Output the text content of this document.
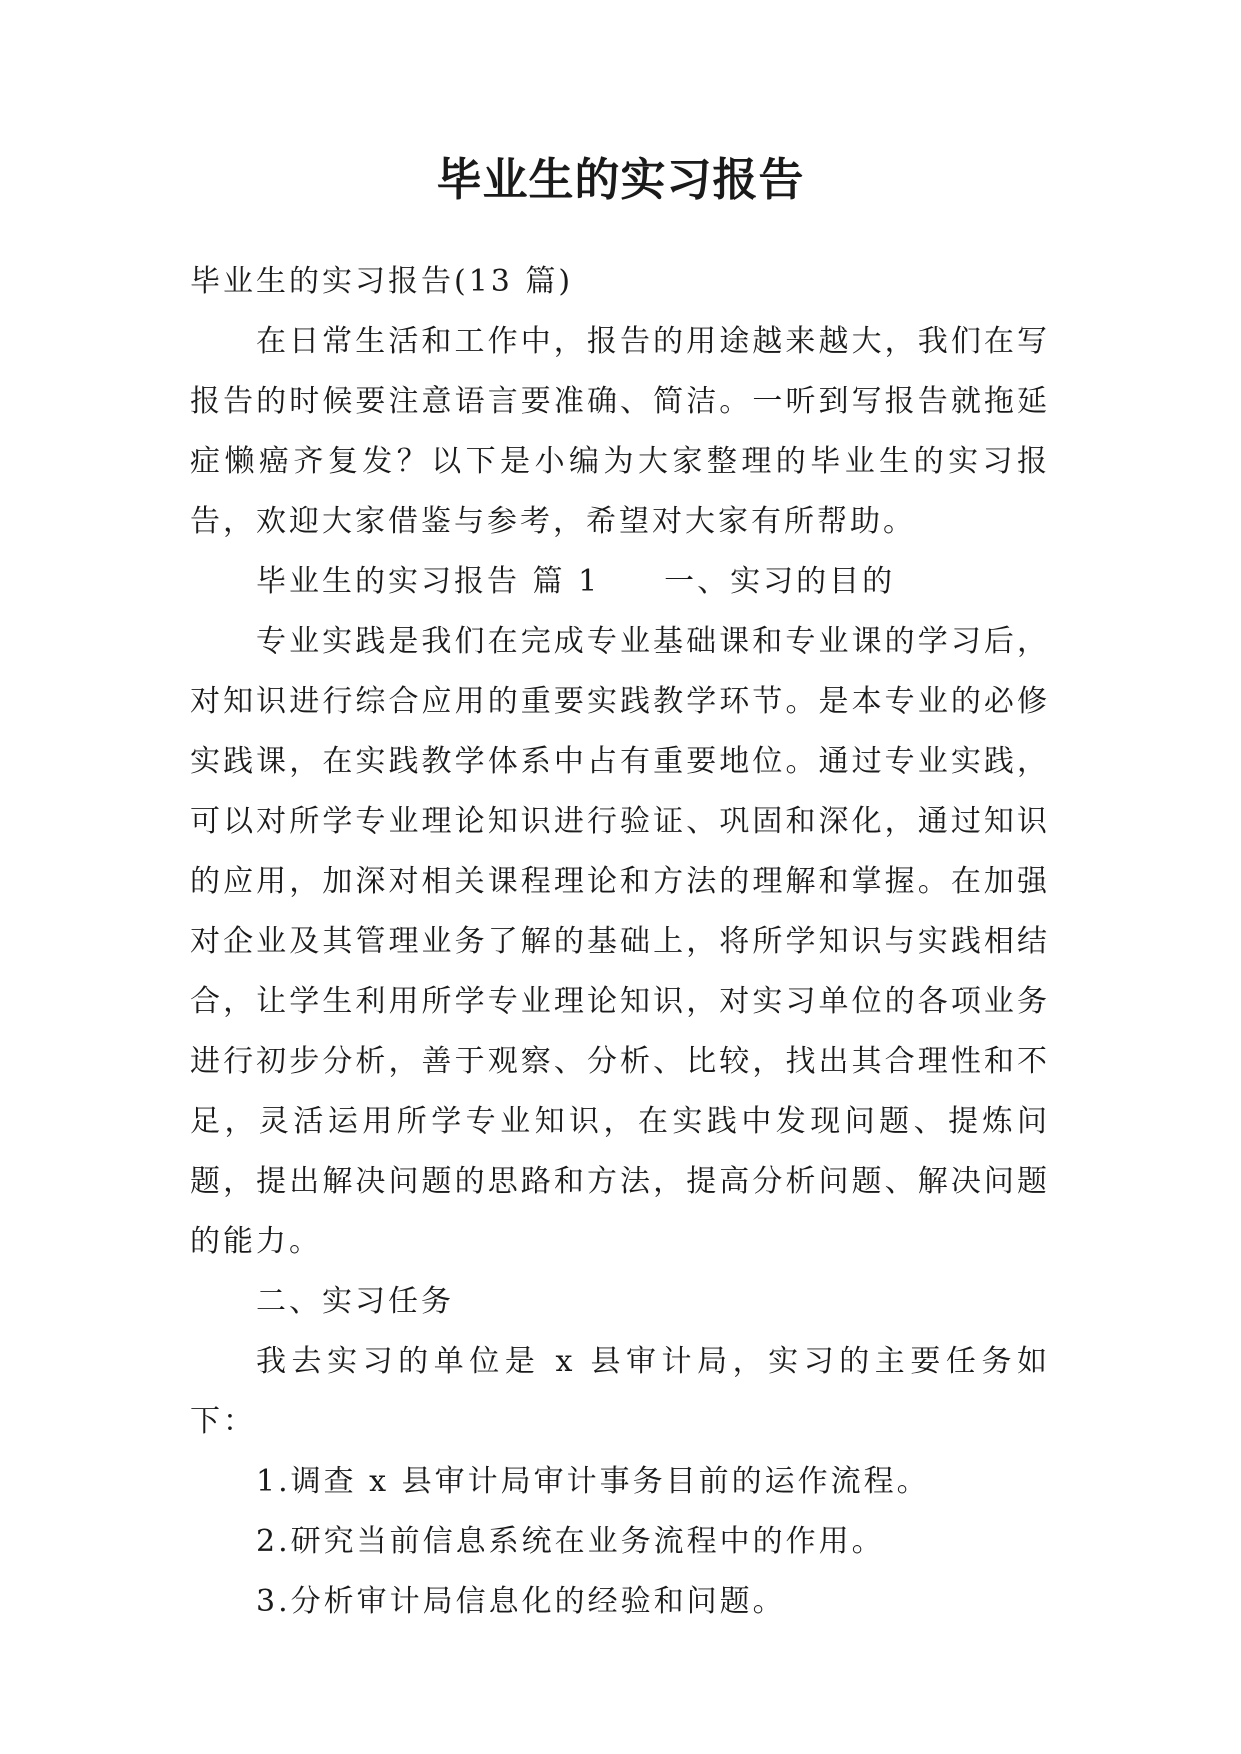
毕业生的实习报告

毕业生的实习报告(13 篇)

在日常生活和工作中，报告的用途越来越大，我们在写报告的时候要注意语言要准确、简洁。一听到写报告就拖延症懒癌齐复发？以下是小编为大家整理的毕业生的实习报告，欢迎大家借鉴与参考，希望对大家有所帮助。

毕业生的实习报告 篇 1 一、实习的目的

专业实践是我们在完成专业基础课和专业课的学习后，对知识进行综合应用的重要实践教学环节。是本专业的必修实践课，在实践教学体系中占有重要地位。通过专业实践，可以对所学专业理论知识进行验证、巩固和深化，通过知识的应用，加深对相关课程理论和方法的理解和掌握。在加强对企业及其管理业务了解的基础上，将所学知识与实践相结合，让学生利用所学专业理论知识，对实习单位的各项业务进行初步分析，善于观察、分析、比较，找出其合理性和不足，灵活运用所学专业知识，在实践中发现问题、提炼问题，提出解决问题的思路和方法，提高分析问题、解决问题的能力。

二、实习任务

我去实习的单位是 x 县审计局，实习的主要任务如下：

1.调查 x 县审计局审计事务目前的运作流程。

2.研究当前信息系统在业务流程中的作用。

3.分析审计局信息化的经验和问题。
